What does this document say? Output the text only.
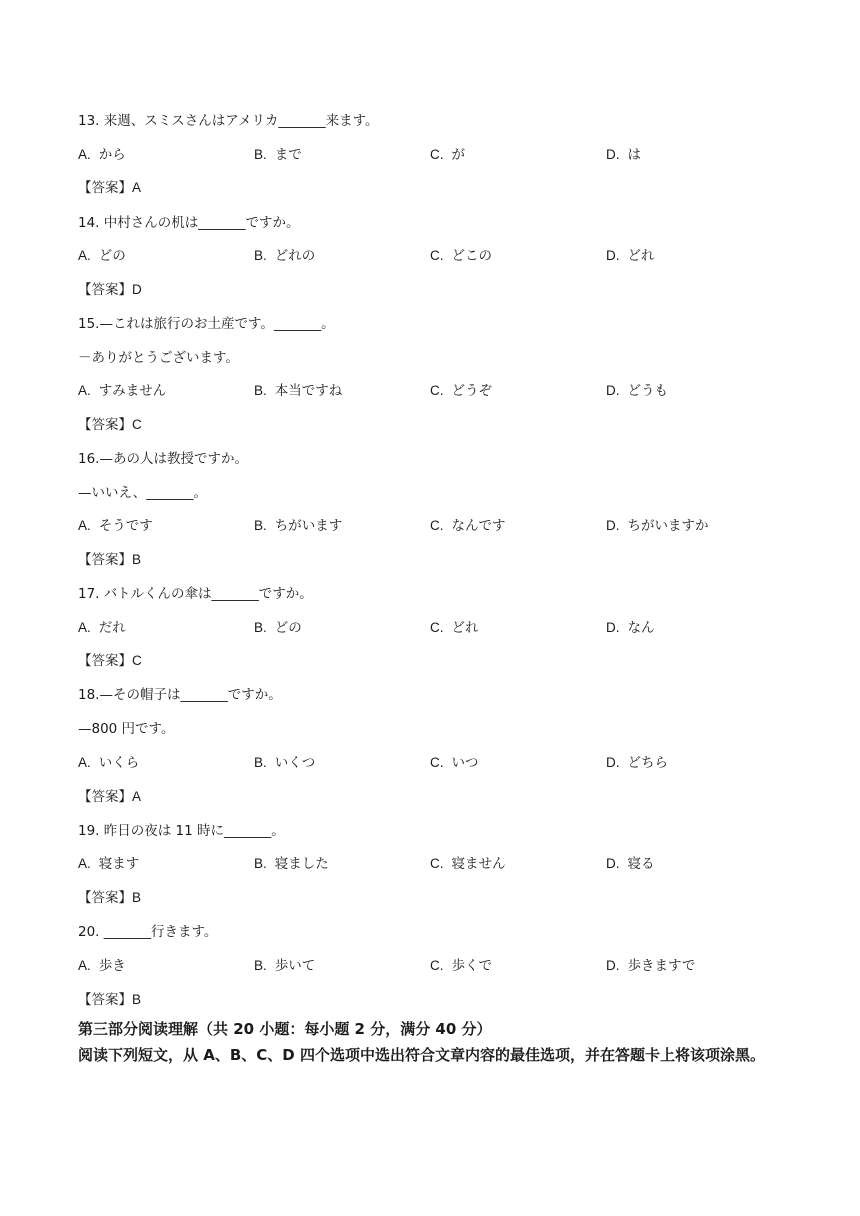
13. 来週、スミスさんはアメリカ_______来ます。
A. から	B. まで	C. が	D. は
【答案】A
14. 中村さんの机は_______ですか。
A. どの	B. どれの	C. どこの	D. どれ
【答案】D
15.—これは旅行のお土産です。_______。
－ありがとうございます。
A. すみません	B. 本当ですね	C. どうぞ	D. どうも
【答案】C
16.—あの人は教授ですか。
—いいえ、_______。
A. そうです	B. ちがいます	C. なんです	D. ちがいますか
【答案】B
17. バトルくんの傘は_______ですか。
A. だれ	B. どの	C. どれ	D. なん
【答案】C
18.—その帽子は_______ですか。
—800 円です。
A. いくら	B. いくつ	C. いつ	D. どちら
【答案】A
19. 昨日の夜は 11 時に_______。
A. 寝ます	B. 寝ました	C. 寝ません	D. 寝る
【答案】B
20. _______行きます。
A. 歩き	B. 歩いて	C. 歩くで	D. 歩きますで
【答案】B
第三部分阅读理解（共 20 小题：每小题 2 分，满分 40 分）
阅读下列短文，从 A、B、C、D 四个选项中选出符合文章内容的最佳选项，并在答题卡上将该项涂黑。
